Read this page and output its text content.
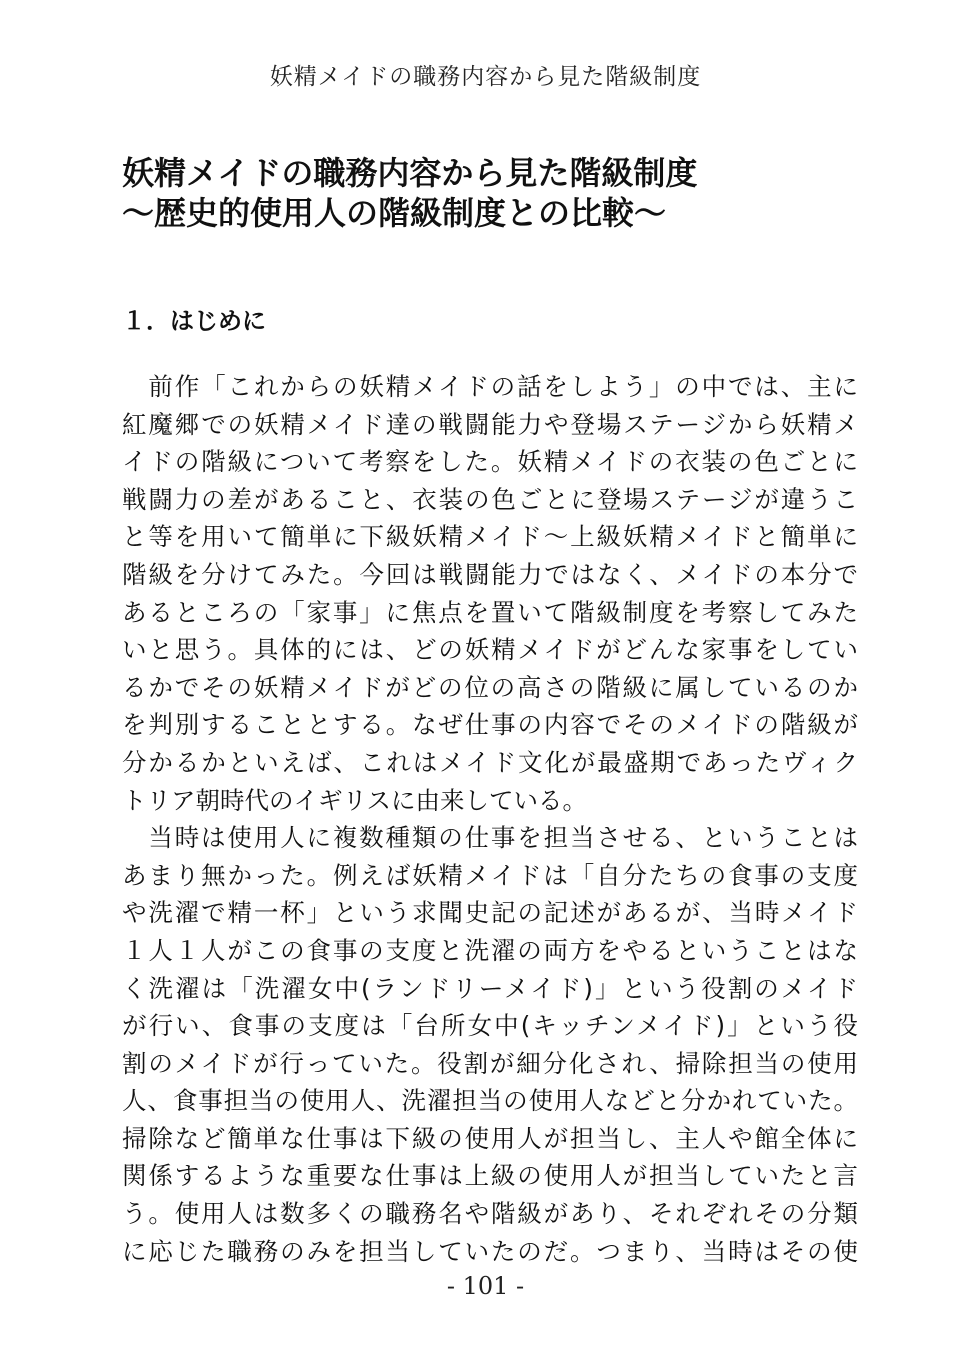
妖精メイドの職務内容から見た階級制度
妖精メイドの職務内容から見た階級制度
〜歴史的使用人の階級制度との比較〜
１．はじめに
　前作「これからの妖精メイドの話をしよう」の中では、主に
紅魔郷での妖精メイド達の戦闘能力や登場ステージから妖精メ
イドの階級について考察をした。妖精メイドの衣装の色ごとに
戦闘力の差があること、衣装の色ごとに登場ステージが違うこ
と等を用いて簡単に下級妖精メイド〜上級妖精メイドと簡単に
階級を分けてみた。今回は戦闘能力ではなく、メイドの本分で
あるところの「家事」に焦点を置いて階級制度を考察してみた
いと思う。具体的には、どの妖精メイドがどんな家事をしてい
るかでその妖精メイドがどの位の高さの階級に属しているのか
を判別することとする。なぜ仕事の内容でそのメイドの階級が
分かるかといえば、これはメイド文化が最盛期であったヴィク
トリア朝時代のイギリスに由来している。
　当時は使用人に複数種類の仕事を担当させる、ということは
あまり無かった。例えば妖精メイドは「自分たちの食事の支度
や洗濯で精一杯」という求聞史記の記述があるが、当時メイド
１人１人がこの食事の支度と洗濯の両方をやるということはな
く洗濯は「洗濯女中(ランドリーメイド)」という役割のメイド
が行い、食事の支度は「台所女中(キッチンメイド)」という役
割のメイドが行っていた。役割が細分化され、掃除担当の使用
人、食事担当の使用人、洗濯担当の使用人などと分かれていた。
掃除など簡単な仕事は下級の使用人が担当し、主人や館全体に
関係するような重要な仕事は上級の使用人が担当していたと言
う。使用人は数多くの職務名や階級があり、それぞれその分類
に応じた職務のみを担当していたのだ。つまり、当時はその使
- 101 -
